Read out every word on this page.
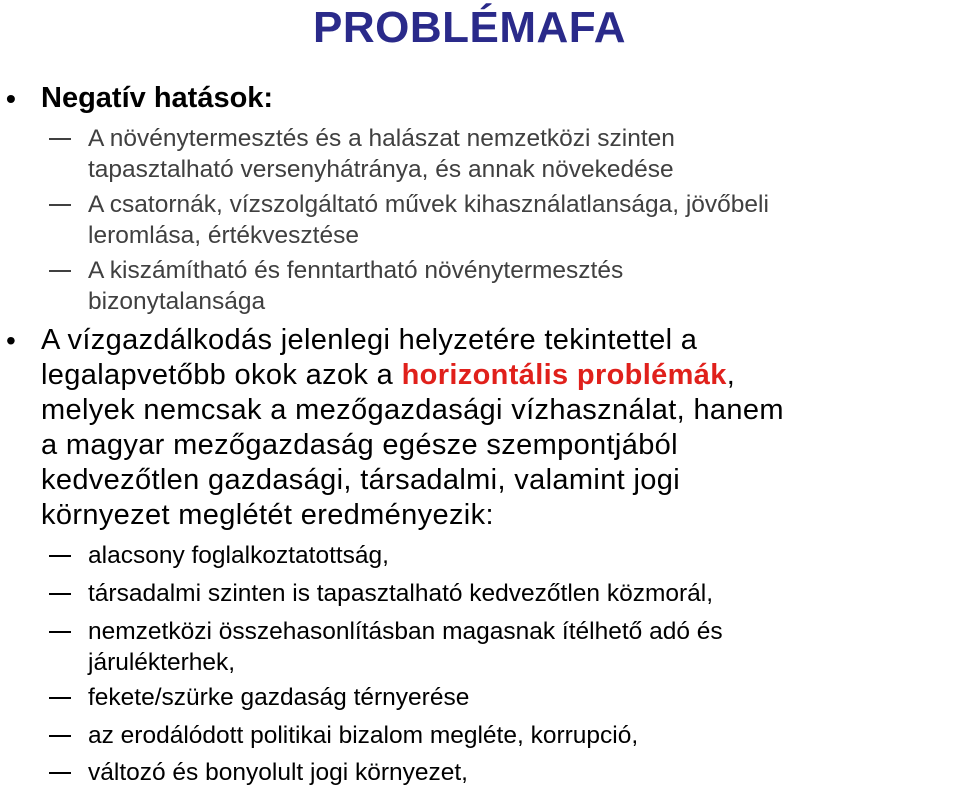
PROBLÉMAFA
• Negatív hatások:
A növénytermesztés és a halászat nemzetközi szinten
tapasztalható versenyhátránya, és annak növekedése
A csatornák, vízszolgáltató művek kihasználatlansága, jövőbeli
leromlása, értékvesztése
A kiszámítható és fenntartható növénytermesztés
bizonytalansága
• A vízgazdálkodás jelenlegi helyzetére tekintettel a
legalapvetőbb okok azok a horizontális problémák,
melyek nemcsak a mezőgazdasági vízhasználat, hanem
a magyar mezőgazdaság egésze szempontjából
kedvezőtlen gazdasági, társadalmi, valamint jogi
környezet meglétét eredményezik:
alacsony foglalkoztatottság,
társadalmi szinten is tapasztalható kedvezőtlen közmorál,
nemzetközi összehasonlításban magasnak ítélhető adó és
járulékterhek,
fekete/szürke gazdaság térnyerése
az erodálódott politikai bizalom megléte, korrupció,
változó és bonyolult jogi környezet,
